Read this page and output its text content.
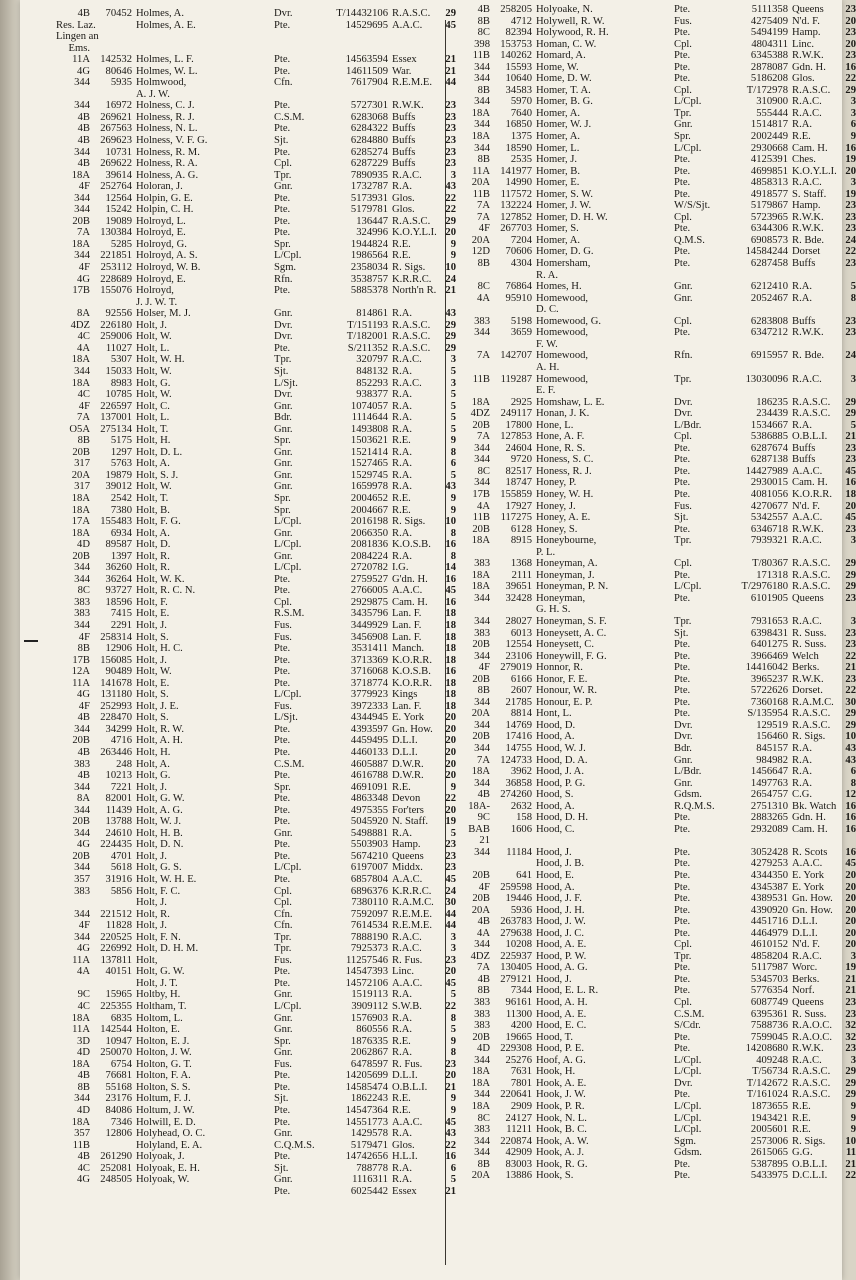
4B	70452 Holmes, A.	Dvr.	T/14432106 R.A.S.C.	29
Res. Laz.	Holmes, A. E.	Pte.	14529695 A.A.C.	45
Lingen an
Ems.
11A 142532 Holmes, L. F.	Pte.	14563594 Essex	21
4G	80646 Holmes, W. L.	Pte.	14611509 War.	21
344	5935 Holmwood,	Cfn.	7617904 R.E.M.E.	44
A. J. W.
344	16972 Holness, C. J.	Pte.	5727301 R.W.K.	23
4B 269621 Holness, R. J.	C.S.M.	6283068 Buffs	23
4B 267563 Holness, N. L.	Pte.	6284322 Buffs	23
4B 269623 Holness, V. F. G.	Sjt.	6284880 Buffs	23
344	10731 Holness, R. M.	Pte.	6285274 Buffs	23
4B 269622 Holness, R. A.	Cpl.	6287229 Buffs	23
18A	39614 Holness, A. G.	Tpr.	7890935 R.A.C.	3
4F 252764 Holoran, J.	Gnr.	1732787 R.A.	43
344	12564 Holpin, G. E.	Pte.	5173931 Glos.	22
344	15242 Holpin, C. H.	Pte.	5179781 Glos.	22
20B	19089 Holroyd, L.	Pte.	136447 R.A.S.C.	29
7A 130384 Holroyd, E.	Pte.	324996 K.O.Y.L.I. 20
18A	5285 Holroyd, G.	Spr.	1944824 R.E.	9
344 221851 Holroyd, A. S.	L/Cpl.	1986564 R.E.	9
4F	253112 Holroyd, W. B.	Sgm.	2358034 R. Sigs.	10
4G 228689 Holroyd, E.	Rfn.	3538757 K.R.R.C.	24
17B 155076 Holroyd,	Pte.	5885378 North'n R. 21
J. J. W. T.
8A	92556 Holser, M. J.	Gnr.	814861 R.A.	43
4DZ 226180 Holt, J.	Dvr.	T/151193 R.A.S.C.	29
4C 259006 Holt, W.	Dvr.	T/182001 R.A.S.C.	29
4A	11027 Holt, L.	Pte.	S/211352 R.A.S.C.	29
18A	5307 Holt, W. H.	Tpr.	320797 R.A.C.	3
344	15033 Holt, W.	Sjt.	848132 R.A.	5
18A	8983 Holt, G.	L/Sjt.	852293 R.A.C.	3
4C	10785 Holt, W.	Dvr.	938377 R.A.	5
4F 226597 Holt, C.	Gnr.	1074057 R.A.	5
7A 137001 Holt, L.	Bdr.	1114644 R.A.	5
O5A 275134 Holt, T.	Gnr.	1493808 R.A.	5
8B	5175 Holt, H.	Spr.	1503621 R.E.	9
20B	1297 Holt, D. L.	Gnr.	1521414 R.A.	8
317	5763 Holt, A.	Gnr.	1527465 R.A.	6
20A	19879 Holt, S. J.	Gnr.	1529745 R.A.	5
317	39012 Holt, W.	Gnr.	1659978 R.A.	43
18A	2542 Holt, T.	Spr.	2004652 R.E.	9
18A	7380 Holt, B.	Spr.	2004667 R.E.	9
17A 155483 Holt, F. G.	L/Cpl.	2016198 R. Sigs.	10
18A	6934 Holt, A.	Gnr.	2066350 R.A.	8
4D	89587 Holt, D.	L/Cpl.	2081836 K.O.S.B.	16
20B	1397 Holt, R.	Gnr.	2084224 R.A.	8
344	36260 Holt, R.	L/Cpl.	2720782 I.G.	14
344	36264 Holt, W. K.	Pte.	2759527 G'dn. H.	16
8C	93727 Holt, R. C. N.	Pte.	2766005 A.A.C.	45
383	18596 Holt, F.	Cpl.	2929875 Cam. H.	16
383	7415 Holt, E.	R.S.M.	3435796 Lan. F.	18
344	2291 Holt, J.	Fus.	3449929 Lan. F.	18
4F 258314 Holt, S.	Fus.	3456908 Lan. F.	18
8B	12906 Holt, H. C.	Pte.	3531411 Manch.	18
17B 156085 Holt, J.	Pte.	3713369 K.O.R.R.	18
12A	90489 Holt, W.	Pte.	3716068 K.O.S.B.	16
11A 141678 Holt, E.	Pte.	3718774 K.O.R.R.	18
4G	131180 Holt, S.	L/Cpl.	3779923 Kings	18
4F 252993 Holt, J. E.	Fus.	3972333 Lan. F.	18
4B 228470 Holt, S.	L/Sjt.	4344945 E. York	20
344	34299 Holt, R. W.	Pte.	4393597 Gn. How.	20
20B	4716 Holt, A. H.	Pte.	4459495 D.L.I.	20
4B 263446 Holt, H.	Pte.	4460133 D.L.I.	20
383	248 Holt, A.	C.S.M.	4605887 D.W.R.	20
4B	10213 Holt, G.	Pte.	4616788 D.W.R.	20
344	7221 Holt, J.	Spr.	4691091 R.E.	9
8A	82001 Holt, G. W.	Pte.	4863348 Devon	22
344	11439 Holt, A. G.	Pte.	4975355 For'ters	20
20B	13788 Holt, W. J.	Pte.	5045920 N. Staff.	19
344	24610 Holt, H. B.	Gnr.	5498881 R.A.	5
4G 224435 Holt, D. N.	Pte.	5503903 Hamp.	23
20B	4701 Holt, J.	Pte.	5674210 Queens	23
344	5618 Holt, G. S.	L/Cpl.	6197007 Middx.	23
357	31916 Holt, W. H. E.	Pte.	6857804 A.A.C.	45
383	5856 Holt, F. C.	Cpl.	6896376 K.R.R.C.	24
Holt, J.	Cpl.	7380110 R.A.M.C.	30
344 221512 Holt, R.	Cfn.	7592097 R.E.M.E.	44
4F	11828 Holt, J.	Cfn.	7614534 R.E.M.E.	44
344 220525 Holt, F. N.	Tpr.	7888190 R.A.C.	3
4G 226992 Holt, D. H. M.	Tpr.	7925373 R.A.C.	3
11A	137811 Holt,	Fus.	11257546 R. Fus.	23
4A	40151 Holt, G. W.	Pte.	14547393 Linc.	20
Holt, J. T.	Pte.	14572106 A.A.C.	45
9C	15965 Holtby, H.	Gnr.	1519113 R.A.	5
4C 225355 Holtham, T.	L/Cpl.	3909112 S.W.B.	22
18A	6835 Holtom, L.	Gnr.	1576903 R.A.	8
11A 142544 Holton, E.	Gnr.	860556 R.A.	5
3D	10947 Holton, E. J.	Spr.	1876335 R.E.	9
4D 250070 Holton, J. W.	Gnr.	2062867 R.A.	8
18A	6754 Holton, G. T.	Fus.	6478597 R. Fus.	23
4B	76681 Holton, F. A.	Pte.	14205699 D.L.I.	20
8B	55168 Holton, S. S.	Pte.	14585474 O.B.L.I.	21
344	23176 Holtum, F. J.	Sjt.	1862243 R.E.	9
4D	84086 Holtum, J. W.	Pte.	14547364 R.E.	9
18A	7346 Holwill, E. D.	Pte.	14551773 A.A.C.	45
357	12806 Holyhead, O. C.	Gnr.	1429578 R.A.	43
11B	Holyland, E. A.	C.Q.M.S.	5179471 Glos.	22
4B 261290 Holyoak, J.	Pte.	14742656 H.L.I.	16
4C 252081 Holyoak, E. H.	Sjt.	788778 R.A.	6
4G 248505 Holyoak, W.	Gnr.	1116311 R.A.	5
Pte.	6025442 Essex	21
4B 258205 Holyoake, N.	Pte.	5111358 Queens	23
8B	4712 Holywell, R. W.	Fus.	4275409 N'd. F.	20
8C	82394 Holywood, R. H.	Pte.	5494199 Hamp.	23
398 153753 Homan, C. W.	Cpl.	4804311 Linc.	20
11B 140262 Homard, A.	Pte.	6345388 R.W.K.	23
344	15593 Home, W.	Pte.	2878087 Gdn. H.	16
344	10640 Home, D. W.	Pte.	5186208 Glos.	22
8B	34583 Homer, T. A.	Cpl.	T/172978 R.A.S.C.	29
344	5970 Homer, B. G.	L/Cpl.	310900 R.A.C.	3
18A	7640 Homer, A.	Tpr.	555444 R.A.C.	3
344	16850 Homer, W. J.	Gnr.	1514817 R.A.	6
18A	1375 Homer, A.	Spr.	2002449 R.E.	9
344	18590 Homer, L.	L/Cpl.	2930668 Cam. H.	16
8B	2535 Homer, J.	Pte.	4125391 Ches.	19
11A 141977 Homer, B.	Pte.	4699851 K.O.Y.L.I. 20
20A	14990 Homer, E.	Pte.	4858313 R.A.C.	3
11B	117572 Homer, S. W.	Pte.	4918577 S. Staff.	19
7A 132224 Homer, J. W.	W/S/Sjt.	5179867 Hamp.	23
7A 127852 Homer, D. H. W.	Cpl.	5723965 R.W.K.	23
4F 267703 Homer, S.	Pte.	6344306 R.W.K.	23
20A	7204 Homer, A.	Q.M.S.	6908573 R. Bde.	24
12D	70606 Homer, D. G.	Pte.	14584244 Dorset	22
8B	4304 Homersham,	Pte.	6287458 Buffs	23
R. A.
8C	76864 Homes, H.	Gnr.	6212410 R.A.	5
4A	95910 Homewood,	Gnr.	2052467 R.A.	8
D. C.
383	5198 Homewood, G.	Cpl.	6283808 Buffs	23
344	3659 Homewood,	Pte.	6347212 R.W.K.	23
F. W.
7A 142707 Homewood,	Rfn.	6915957 R. Bde.	24
A. H.
11B	119287 Homewood,	Tpr.	13030096 R.A.C.	3
E. F.
18A	2925 Homshaw, L. E.	Dvr.	186235 R.A.S.C.	29
4DZ	249117 Honan, J. K.	Dvr.	234439 R.A.S.C.	29
20B	17800 Hone, L.	L/Bdr.	1534667 R.A.	5
7A 127853 Hone, A. F.	Cpl.	5386885 O.B.L.I.	21
344	24604 Hone, R. S.	Pte.	6287674 Buffs	23
344	9720 Honess, S. C.	Pte.	6287138 Buffs	23
8C	82517 Honess, R. J.	Pte.	14427989 A.A.C.	45
344	18747 Honey, P.	Pte.	2930015 Cam. H.	16
17B 155859 Honey, W. H.	Pte.	4081056 K.O.R.R.	18
4A	17927 Honey, J.	Fus.	4270677 N'd. F.	20
11B	117275 Honey, A. E.	Sjt.	5342557 A.A.C.	45
20B	6128 Honey, S.	Pte.	6346718 R.W.K.	23
18A	8915 Honeybourne,	Tpr.	7939321 R.A.C.	3
P. L.
383	1368 Honeyman, A.	Cpl.	T/80367 R.A.S.C.	29
18A	2111 Honeyman, J.	Pte.	171318 R.A.S.C.	29
18A	39651 Honeyman, P. N.	L/Cpl.	T/2976180 R.A.S.C.	29
344	32428 Honeyman,	Pte.	6101905 Queens	23
G. H. S.
344	28027 Honeyman, S. F.	Tpr.	7931653 R.A.C.	3
383	6013 Honeysett, A. C.	Sjt.	6398431 R. Suss.	23
20B	12554 Honeysett, C.	Pte.	6401275 R. Suss.	23
344	23106 Honeywill, F. G.	Pte.	3966469 Welch	22
4F 279019 Honnor, R.	Pte.	14416042 Berks.	21
20B	6166 Honor, F. E.	Pte.	3965237 R.W.K.	23
8B	2607 Honour, W. R.	Pte.	5722626 Dorset.	22
344	21785 Honour, E. P.	Pte.	7360168 R.A.M.C.	30
20A	8814 Hont, L.	Pte.	S/135954 R.A.S.C.	29
344	14769 Hood, D.	Dvr.	129519 R.A.S.C.	29
20B	17416 Hood, A.	Dvr.	156460 R. Sigs.	10
344	14755 Hood, W. J.	Bdr.	845157 R.A.	43
7A 124733 Hood, D. A.	Gnr.	984982 R.A.	43
18A	3962 Hood, J. A.	L/Bdr.	1456647 R.A.	6
344	36858 Hood, P. G.	Gnr.	1497763 R.A.	8
4B 274260 Hood, S.	Gdsm.	2654757 C.G.	12
18A-	2632 Hood, A.	R.Q.M.S.	2751310 Bk. Watch 16
9C	158 Hood, D. H.	Pte.	2883265 Gdn. H.	16
BAB	1606 Hood, C.	Pte.	2932089 Cam. H.	16
21
344	11184 Hood, J.	Pte.	3052428 R. Scots	16
Hood, J. B.	Pte.	4279253 A.A.C.	45
20B	641 Hood, E.	Pte.	4344350 E. York	20
4F 259598 Hood, A.	Pte.	4345387 E. York	20
20B	19446 Hood, J. F.	Pte.	4389531 Gn. How.	20
20A	5936 Hood, J. H.	Pte.	4390920 Gn. How.	20
4B 263783 Hood, J. W.	Pte.	4451716 D.L.I.	20
4A 279638 Hood, J. C.	Pte.	4464979 D.L.I.	20
344	10208 Hood, A. E.	Cpl.	4610152 N'd. F.	20
4DZ 225937 Hood, P. W.	Tpr.	4858204 R.A.C.	3
7A 130405 Hood, A. G.	Pte.	5117987 Worc.	19
4B 279121 Hood, J.	Pte.	5345703 Berks.	21
8B	7344 Hood, E. L. R.	Pte.	5776354 Norf.	21
383	96161 Hood, A. H.	Cpl.	6087749 Queens	23
383	11300 Hood, A. E.	C.S.M.	6395361 R. Suss.	23
383	4200 Hood, E. C.	S/Cdr.	7588736 R.A.O.C.	32
20B	19665 Hood, T.	Pte.	7599045 R.A.O.C.	32
4D 229308 Hood, P. E.	Pte.	14208680 R.W.K.	23
344	25276 Hoof, A. G.	L/Cpl.	409248 R.A.C.	3
18A	7631 Hook, H.	L/Cpl.	T/56734 R.A.S.C.	29
18A	7801 Hook, A. E.	Dvr.	T/142672 R.A.S.C.	29
344 220641 Hook, J. W.	Pte.	T/161024 R.A.S.C.	29
18A	2909 Hook, P. R.	L/Cpl.	1873655 R.E.	9
8C	24127 Hook, N. L.	L/Cpl.	1943421 R.E.	9
383	11211 Hook, B. C.	L/Cpl.	2005601 R.E.	9
344 220874 Hook, A. W.	Sgm.	2573006 R. Sigs.	10
344	42909 Hook, A. J.	Gdsm.	2615065 G.G.	11
8B	83003 Hook, R. G.	Pte.	5387895 O.B.L.I.	21
20A	13886 Hook, S.	Pte.	5433975 D.C.L.I.	22
